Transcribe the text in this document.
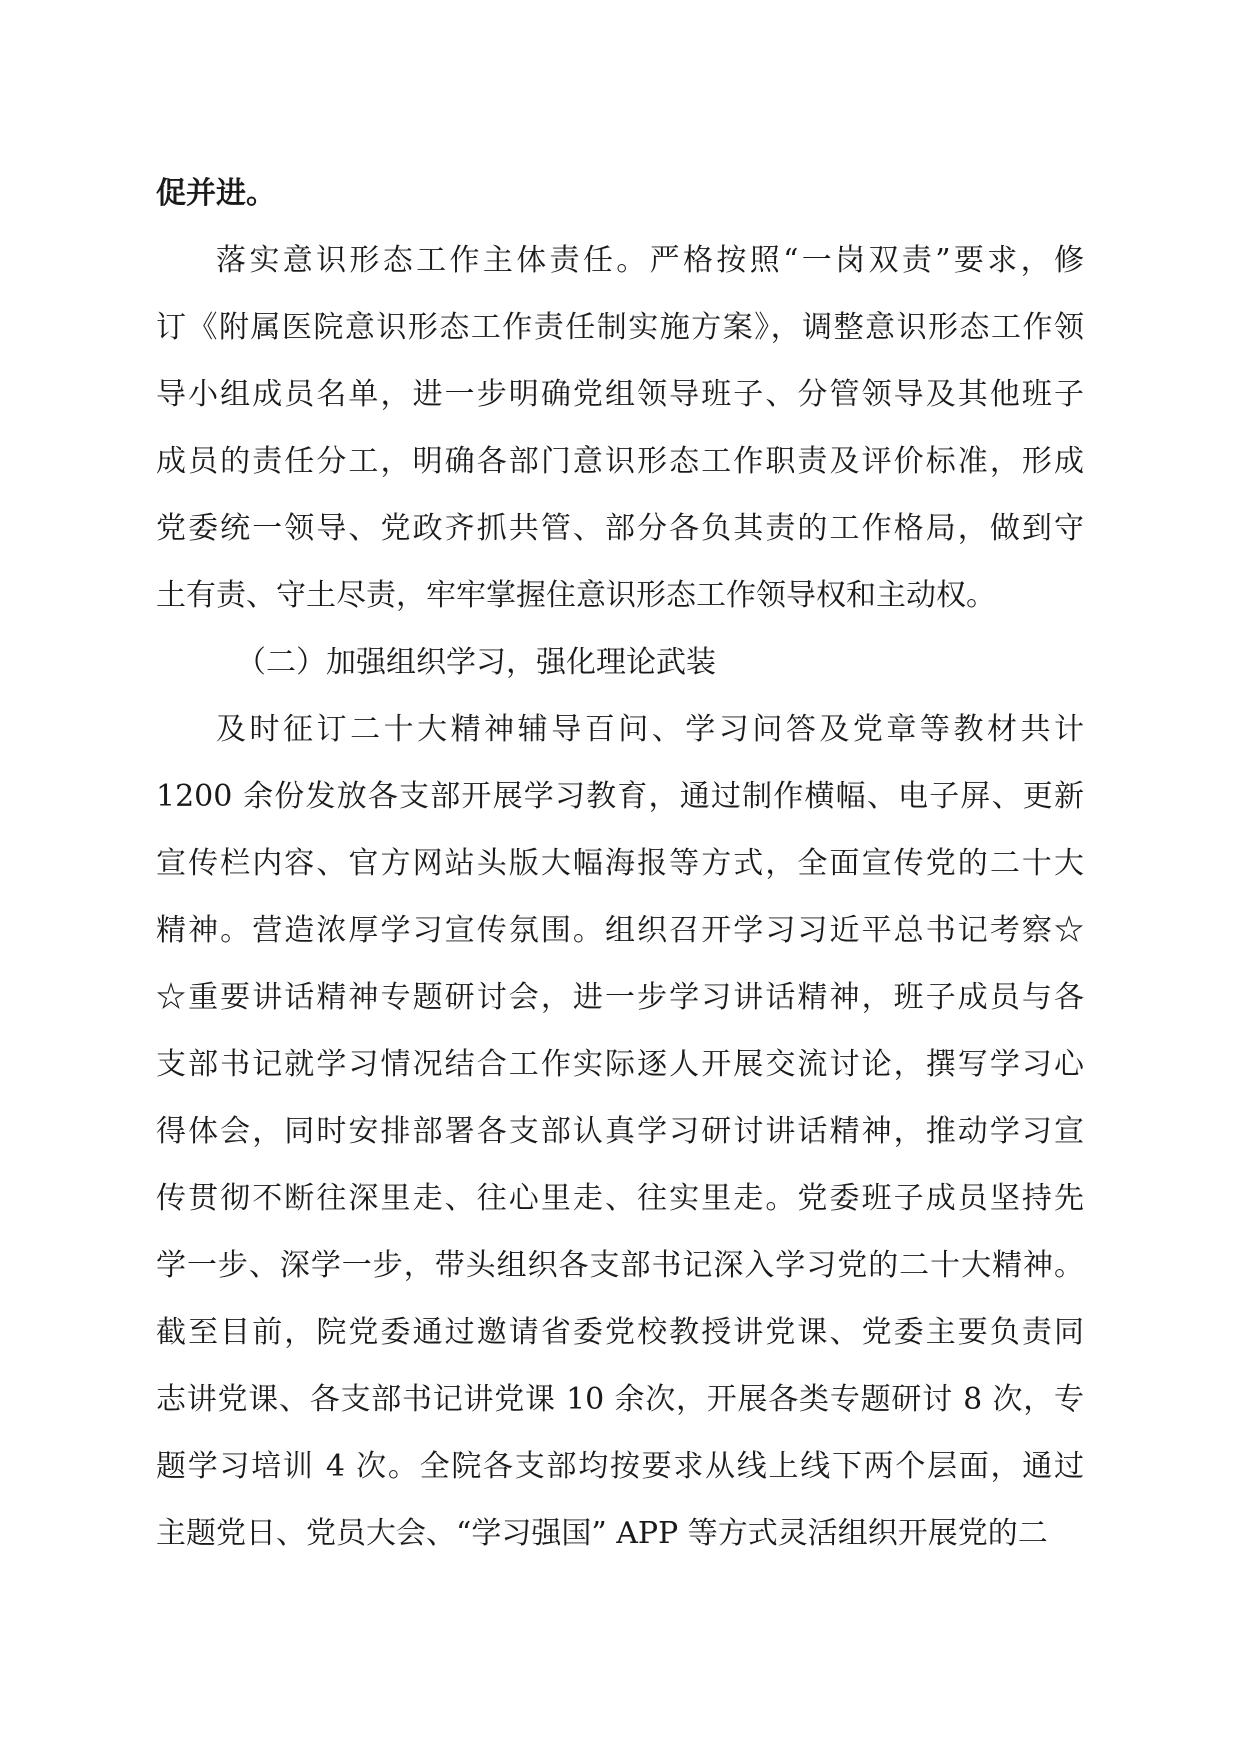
促并进。
落实意识形态工作主体责任。严格按照“一岗双责”要求，修
订《附属医院意识形态工作责任制实施方案》，调整意识形态工作领
导小组成员名单，进一步明确党组领导班子、分管领导及其他班子
成员的责任分工，明确各部门意识形态工作职责及评价标准，形成
党委统一领导、党政齐抓共管、部分各负其责的工作格局，做到守
土有责、守土尽责，牢牢掌握住意识形态工作领导权和主动权。
（二）加强组织学习，强化理论武装
及时征订二十大精神辅导百问、学习问答及党章等教材共计
1200 余份发放各支部开展学习教育，通过制作横幅、电子屏、更新
宣传栏内容、官方网站头版大幅海报等方式，全面宣传党的二十大
精神。营造浓厚学习宣传氛围。组织召开学习习近平总书记考察☆
☆重要讲话精神专题研讨会，进一步学习讲话精神，班子成员与各
支部书记就学习情况结合工作实际逐人开展交流讨论，撰写学习心
得体会，同时安排部署各支部认真学习研讨讲话精神，推动学习宣
传贯彻不断往深里走、往心里走、往实里走。党委班子成员坚持先
学一步、深学一步，带头组织各支部书记深入学习党的二十大精神。
截至目前，院党委通过邀请省委党校教授讲党课、党委主要负责同
志讲党课、各支部书记讲党课 10 余次，开展各类专题研讨 8 次，专
题学习培训 4 次。全院各支部均按要求从线上线下两个层面，通过
主题党日、党员大会、“学习强国” APP 等方式灵活组织开展党的二
